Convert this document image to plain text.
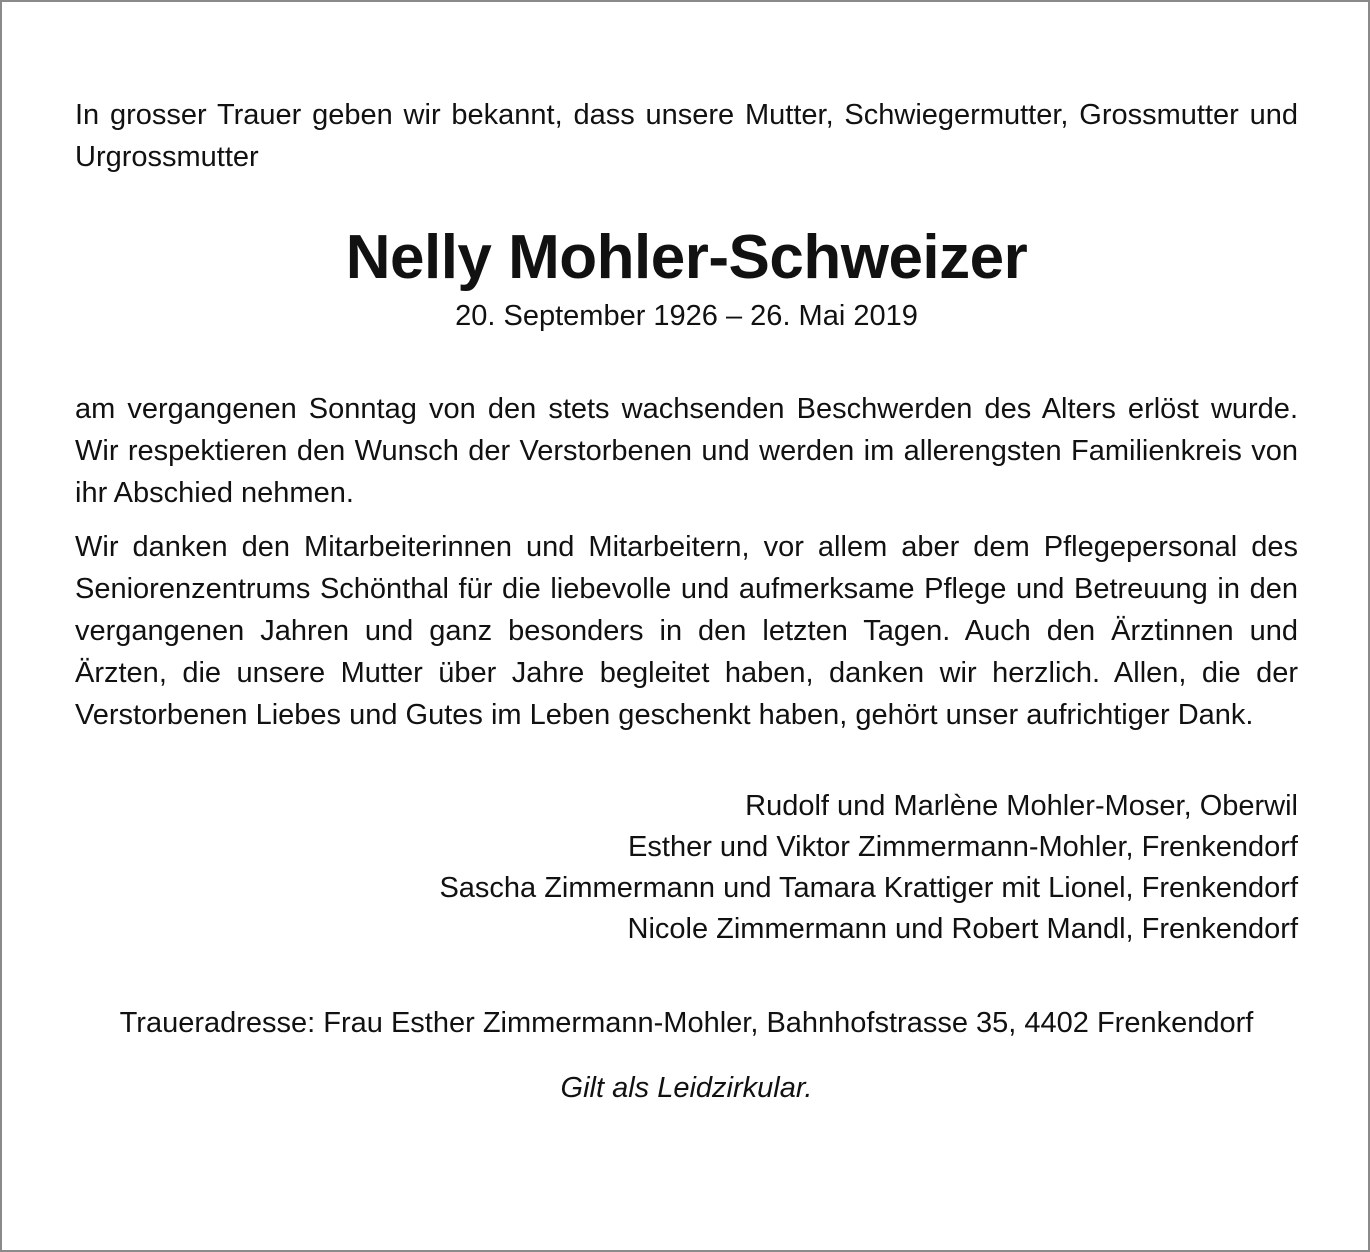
In grosser Trauer geben wir bekannt, dass unsere Mutter, Schwiegermutter, Grossmutter und Urgrossmutter

Nelly Mohler-Schweizer

20. September 1926 – 26. Mai 2019

am vergangenen Sonntag von den stets wachsenden Beschwerden des Alters erlöst wurde. Wir respektieren den Wunsch der Verstorbenen und werden im allerengsten Familienkreis von ihr Abschied nehmen.

Wir danken den Mitarbeiterinnen und Mitarbeitern, vor allem aber dem Pflegepersonal des Seniorenzentrums Schönthal für die liebevolle und aufmerksame Pflege und Betreuung in den vergangenen Jahren und ganz besonders in den letzten Tagen. Auch den Ärztinnen und Ärzten, die unsere Mutter über Jahre begleitet haben, danken wir herzlich. Allen, die der Verstorbenen Liebes und Gutes im Leben geschenkt haben, gehört unser aufrichtiger Dank.

Rudolf und Marlène Mohler-Moser, Oberwil
Esther und Viktor Zimmermann-Mohler, Frenkendorf
Sascha Zimmermann und Tamara Krattiger mit Lionel, Frenkendorf
Nicole Zimmermann und Robert Mandl, Frenkendorf

Traueradresse: Frau Esther Zimmermann-Mohler, Bahnhofstrasse 35, 4402 Frenkendorf

Gilt als Leidzirkular.
